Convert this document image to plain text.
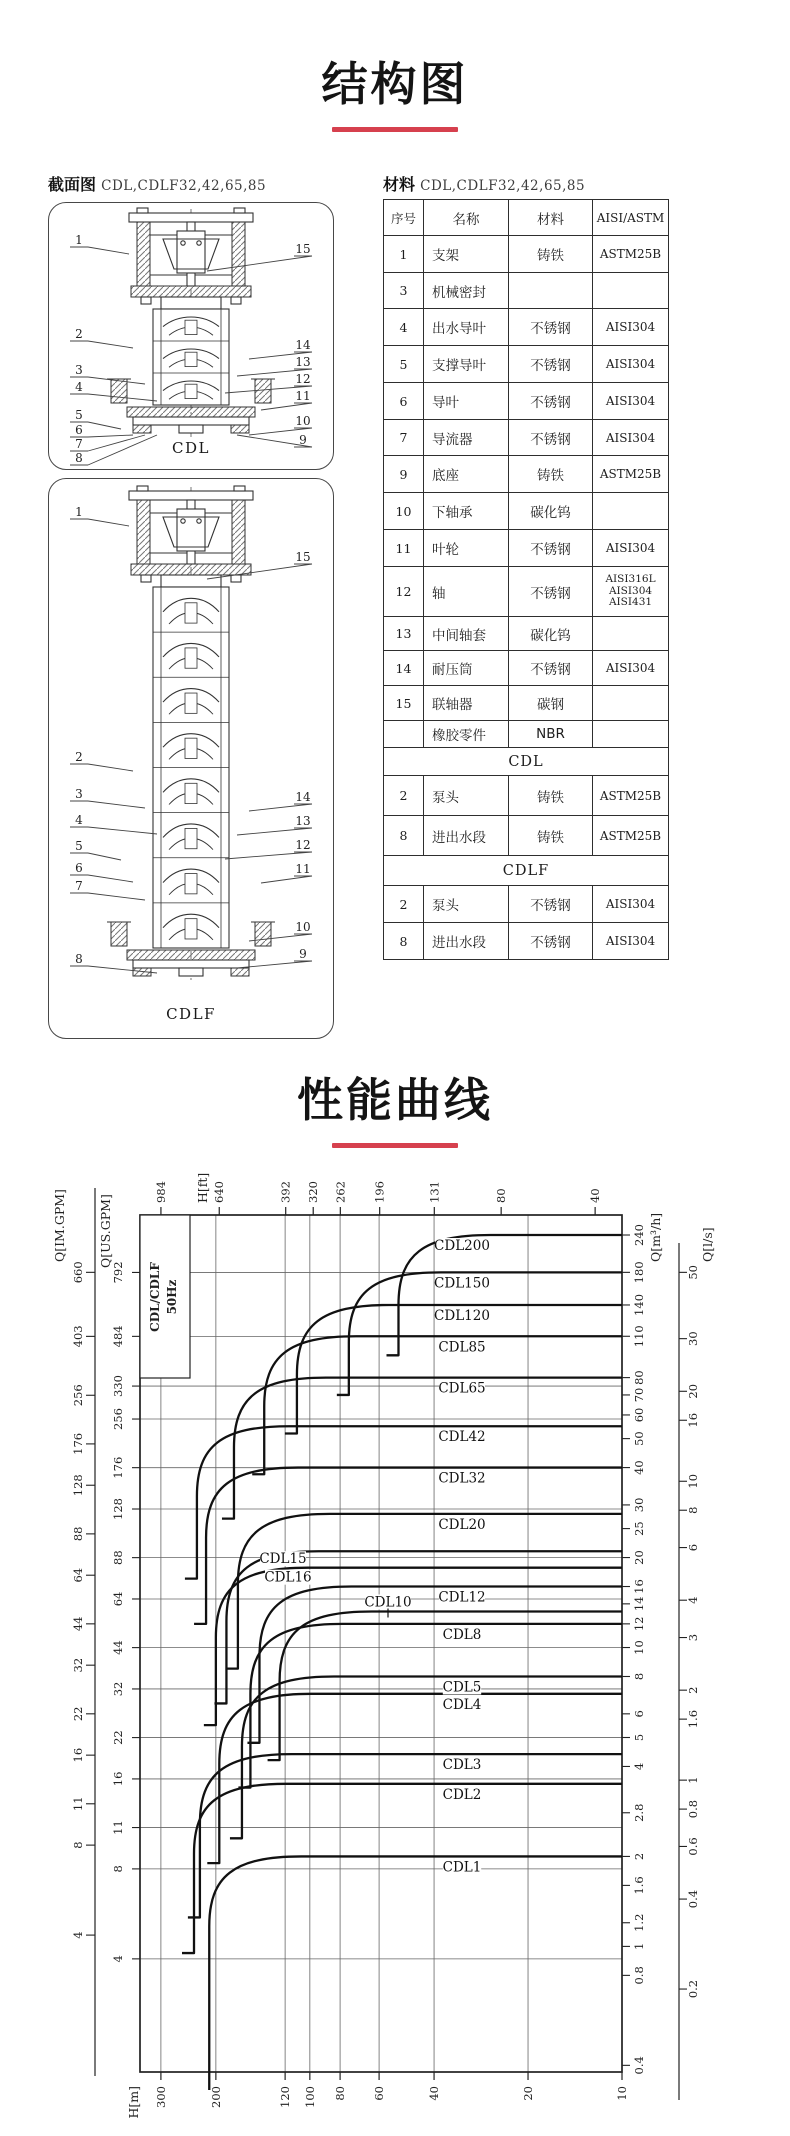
结构图
截面图 CDL,CDLF32,42,65,85	材料 CDL,CDLF32,42,65,85
CDL
1
2
3
4
5
6
7
8
15
14
13
12
11
10
9
CDLF
1
2
3
4
5
6
7
8
15
14
13
12
11
10
9
序号	名称	材料	AISI/ASTM
1	支架	铸铁	ASTM25B
3	机械密封		
4	出水导叶	不锈钢	AISI304
5	支撑导叶	不锈钢	AISI304
6	导叶	不锈钢	AISI304
7	导流器	不锈钢	AISI304
9	底座	铸铁	ASTM25B
10	下轴承	碳化钨	
11	叶轮	不锈钢	AISI304
12	轴	不锈钢	AISI316L
AISI304
AISI431

13	中间轴套	碳化钨	
14	耐压筒	不锈钢	AISI304
15	联轴器	碳钢	
	橡胶零件	NBR	
CDL			
2	泵头	铸铁	ASTM25B
8	进出水段	铸铁	ASTM25B
CDLF			
2	泵头	不锈钢	AISI304
8	进出水段	不锈钢	AISI304
性能曲线
CDL/CDLF 50Hz
CDL200
CDL150
CDL120
CDL85
CDL65
CDL42
CDL32
CDL20
CDL15
CDL16
CDL12
CDL10
CDL8
CDL5
CDL4
CDL3
CDL2
CDL1
984	640	392 320 262 196	131	80	40
H[ft]
300	200	120 100 80 60	40	20	10
H[m]
660
403
256
176
128
88
64
44
32
22
16
11
8
4
Q[IM.GPM]
792
484
330
256
176
128
88
64
44
32
22
16
11
8
4
Q[US.GPM]	240
180
140
110
80
70
60
50
40
30
25
20
16
14
12
10
8
6
5
4
2.8
2
1.6
1.2
1
0.8
0.4
Q[m³/h]
50
30
20
16
10
8
6
4
3
2
1.6
1
0.8
0.6
0.4
0.2
Q[l/s]
